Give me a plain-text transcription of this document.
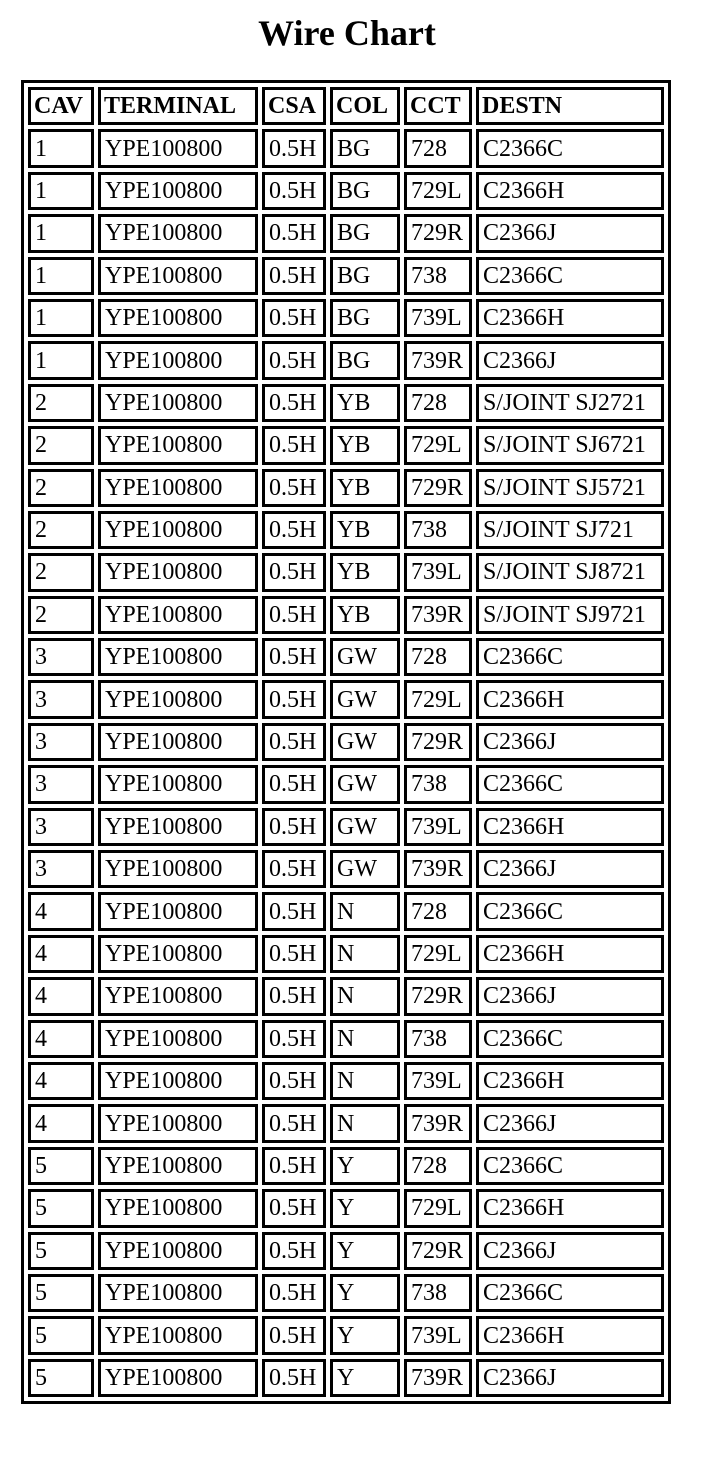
Wire Chart
CAV	TERMINAL	CSA	COL	CCT	DESTN
1	YPE100800	0.5H	BG	728	C2366C
1	YPE100800	0.5H	BG	729L	C2366H
1	YPE100800	0.5H	BG	729R	C2366J
1	YPE100800	0.5H	BG	738	C2366C
1	YPE100800	0.5H	BG	739L	C2366H
1	YPE100800	0.5H	BG	739R	C2366J
2	YPE100800	0.5H	YB	728	S/JOINT SJ2721
2	YPE100800	0.5H	YB	729L	S/JOINT SJ6721
2	YPE100800	0.5H	YB	729R	S/JOINT SJ5721
2	YPE100800	0.5H	YB	738	S/JOINT SJ721
2	YPE100800	0.5H	YB	739L	S/JOINT SJ8721
2	YPE100800	0.5H	YB	739R	S/JOINT SJ9721
3	YPE100800	0.5H	GW	728	C2366C
3	YPE100800	0.5H	GW	729L	C2366H
3	YPE100800	0.5H	GW	729R	C2366J
3	YPE100800	0.5H	GW	738	C2366C
3	YPE100800	0.5H	GW	739L	C2366H
3	YPE100800	0.5H	GW	739R	C2366J
4	YPE100800	0.5H	N	728	C2366C
4	YPE100800	0.5H	N	729L	C2366H
4	YPE100800	0.5H	N	729R	C2366J
4	YPE100800	0.5H	N	738	C2366C
4	YPE100800	0.5H	N	739L	C2366H
4	YPE100800	0.5H	N	739R	C2366J
5	YPE100800	0.5H	Y	728	C2366C
5	YPE100800	0.5H	Y	729L	C2366H
5	YPE100800	0.5H	Y	729R	C2366J
5	YPE100800	0.5H	Y	738	C2366C
5	YPE100800	0.5H	Y	739L	C2366H
5	YPE100800	0.5H	Y	739R	C2366J
